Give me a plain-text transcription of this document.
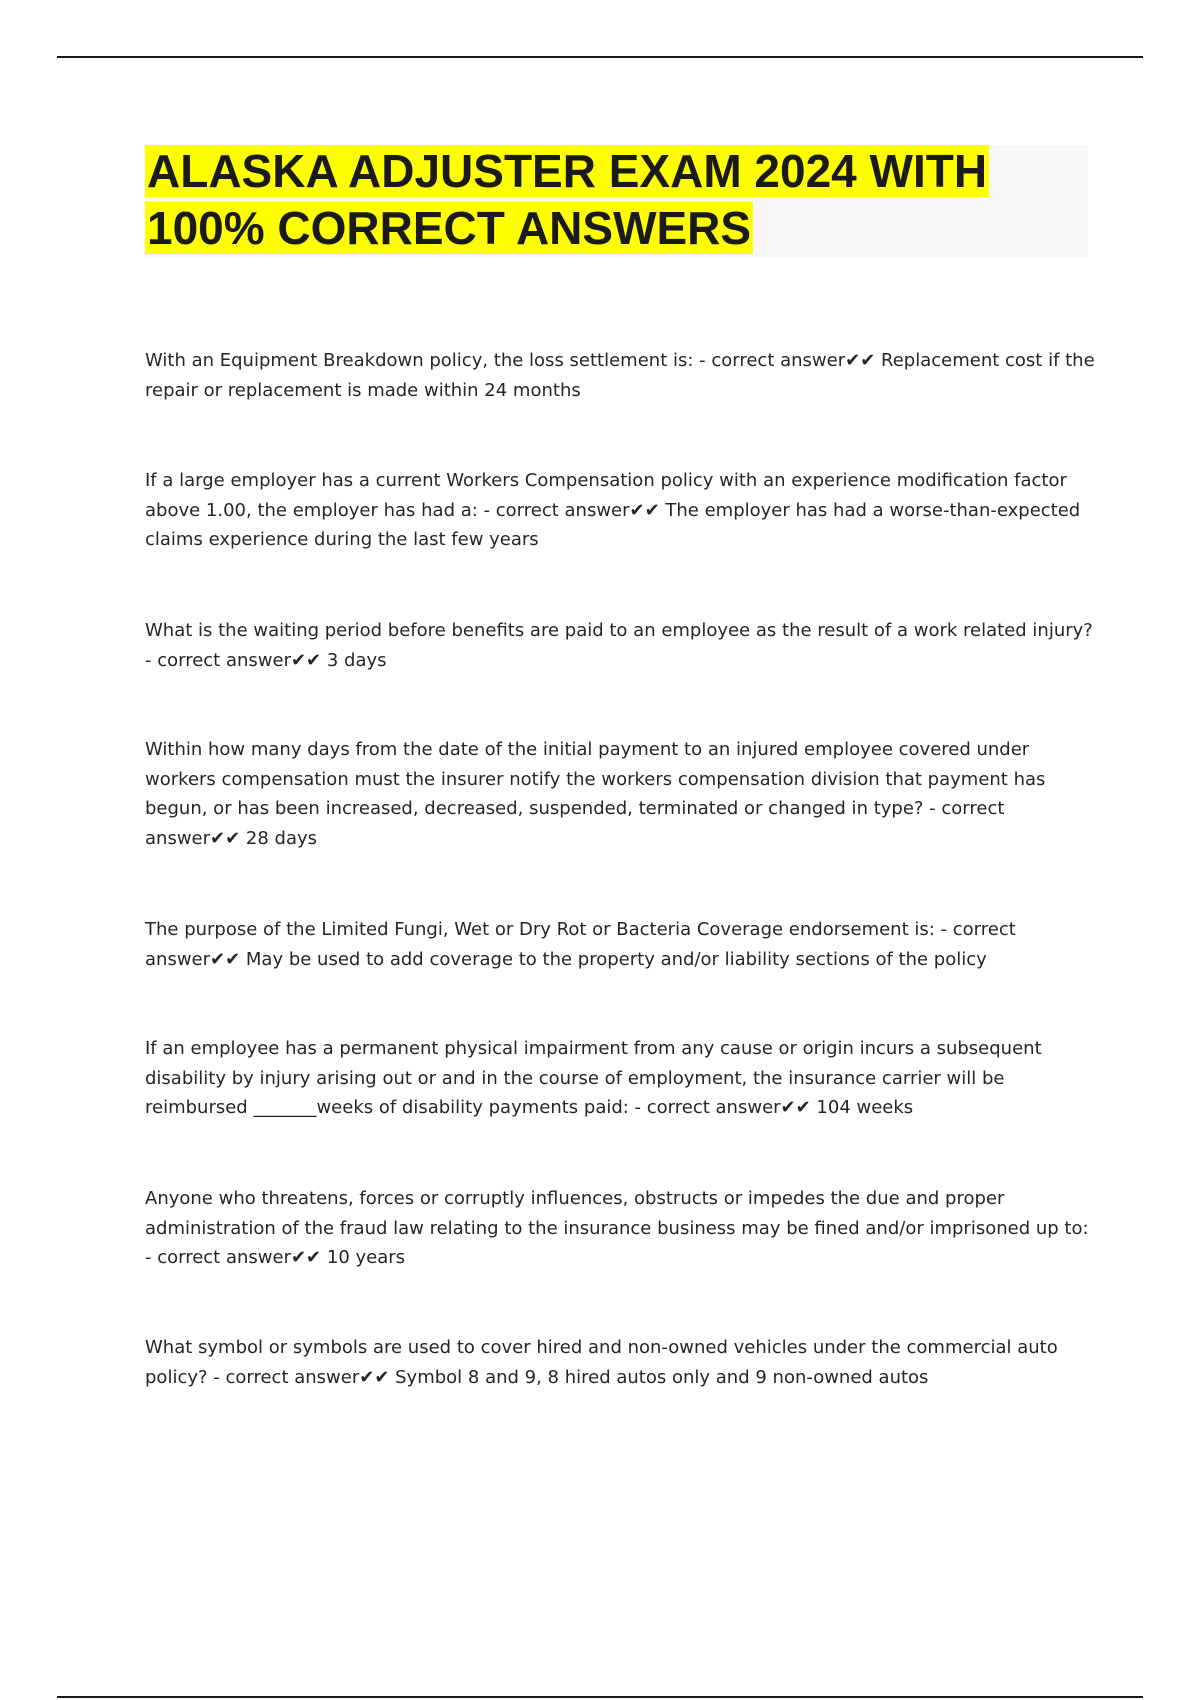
ALASKA ADJUSTER EXAM 2024 WITH
100% CORRECT ANSWERS

With an Equipment Breakdown policy, the loss settlement is: - correct answer✔✔ Replacement cost if the repair or replacement is made within 24 months

If a large employer has a current Workers Compensation policy with an experience modification factor above 1.00, the employer has had a: - correct answer✔✔ The employer has had a worse-than-expected claims experience during the last few years

What is the waiting period before benefits are paid to an employee as the result of a work related injury? - correct answer✔✔ 3 days

Within how many days from the date of the initial payment to an injured employee covered under workers compensation must the insurer notify the workers compensation division that payment has begun, or has been increased, decreased, suspended, terminated or changed in type? - correct answer✔✔ 28 days

The purpose of the Limited Fungi, Wet or Dry Rot or Bacteria Coverage endorsement is: - correct answer✔✔ May be used to add coverage to the property and/or liability sections of the policy

If an employee has a permanent physical impairment from any cause or origin incurs a subsequent disability by injury arising out or and in the course of employment, the insurance carrier will be reimbursed _______weeks of disability payments paid: - correct answer✔✔ 104 weeks

Anyone who threatens, forces or corruptly influences, obstructs or impedes the due and proper administration of the fraud law relating to the insurance business may be fined and/or imprisoned up to: - correct answer✔✔ 10 years

What symbol or symbols are used to cover hired and non-owned vehicles under the commercial auto policy? - correct answer✔✔ Symbol 8 and 9, 8 hired autos only and 9 non-owned autos
